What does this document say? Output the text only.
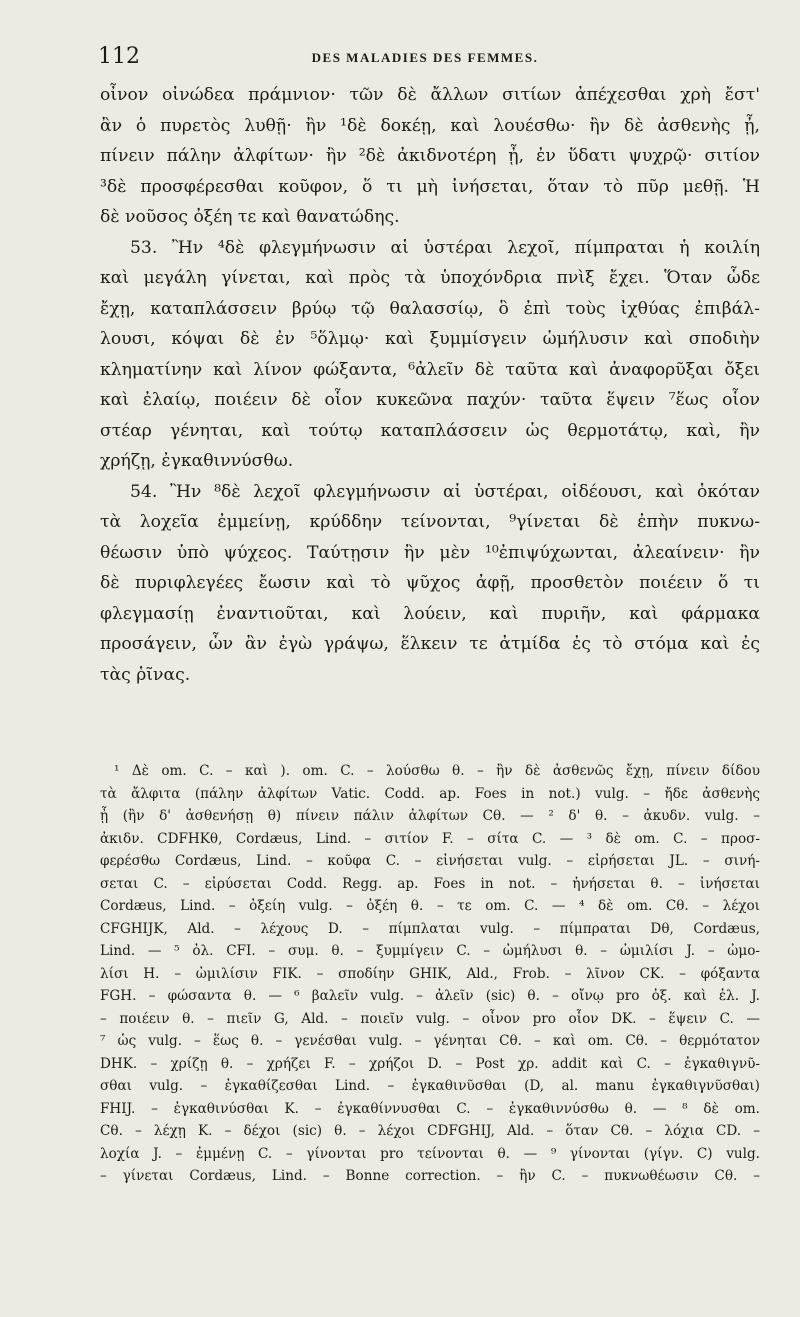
112	DES MALADIES DES FEMMES.
οἶνον οἰνώδεα πράμνιον· τῶν δὲ ἄλλων σιτίων ἀπέχεσθαι χρὴ ἔστ'
ἂν ὁ πυρετὸς λυθῇ· ἢν ¹δὲ δοκέῃ, καὶ λουέσθω· ἢν δὲ ἀσθενὴς ᾖ,
πίνειν πάλην ἀλφίτων· ἢν ²δὲ ἀκιδνοτέρη ᾖ, ἐν ὕδατι ψυχρῷ· σιτίον
³δὲ προσφέρεσθαι κοῦφον, ὅ τι μὴ ἰνήσεται, ὅταν τὸ πῦρ μεθῇ. Ἡ
δὲ νοῦσος ὀξέη τε καὶ θανατώδης.
53. Ἢν ⁴δὲ φλεγμήνωσιν αἱ ὑστέραι λεχοῖ, πίμπραται ἡ κοιλίη
καὶ μεγάλη γίνεται, καὶ πρὸς τὰ ὑποχόνδρια πνὶξ ἔχει. Ὅταν ὧδε
ἔχῃ, καταπλάσσειν βρύῳ τῷ θαλασσίῳ, ὃ ἐπὶ τοὺς ἰχθύας ἐπιβάλ-
λουσι, κόψαι δὲ ἐν ⁵ὅλμῳ· καὶ ξυμμίσγειν ὠμήλυσιν καὶ σποδιὴν
κληματίνην καὶ λίνον φώξαντα, ⁶ἀλεῖν δὲ ταῦτα καὶ ἀναφορῦξαι ὄξει
καὶ ἐλαίῳ, ποιέειν δὲ οἷον κυκεῶνα παχύν· ταῦτα ἕψειν ⁷ἕως οἷον
στέαρ γένηται, καὶ τούτῳ καταπλάσσειν ὡς θερμοτάτῳ, καὶ, ἢν
χρήζῃ, ἐγκαθιννύσθω.
54. Ἢν ⁸δὲ λεχοῖ φλεγμήνωσιν αἱ ὑστέραι, οἰδέουσι, καὶ ὁκόταν
τὰ λοχεῖα ἐμμείνῃ, κρύδδην τείνονται, ⁹γίνεται δὲ ἐπὴν πυκνω-
θέωσιν ὑπὸ ψύχεος. Ταύτῃσιν ἢν μὲν ¹⁰ἐπιψύχωνται, ἀλεαίνειν· ἢν
δὲ πυριφλεγέες ἔωσιν καὶ τὸ ψῦχος ἀφῇ, προσθετὸν ποιέειν ὅ τι
φλεγμασίῃ ἐναντιοῦται, καὶ λούειν, καὶ πυριῆν, καὶ φάρμακα
προσάγειν, ὧν ἂν ἐγὼ γράψω, ἕλκειν τε ἀτμίδα ἐς τὸ στόμα καὶ ἐς
τὰς ῥῖνας.
¹ Δὲ om. C. – καὶ ). om. C. – λούσθω θ. – ἢν δὲ ἀσθενῶς ἔχῃ, πίνειν δίδου
τὰ ἄλφιτα (πάλην ἀλφίτων Vatic. Codd. ap. Foes in not.) vulg. – ἤδε ἀσθενὴς
ᾖ (ἢν δ' ἀσθενήσῃ θ) πίνειν πάλιν ἀλφίτων Cθ. — ² δ' θ. – ἀκυδν. vulg. –
ἀκιδν. CDFHKθ, Cordæus, Lind. – σιτίον F. – σίτα C. — ³ δὲ om. C. – προσ-
φερέσθω Cordæus, Lind. – κοῦφα C. – εἰνήσεται vulg. – εἰρήσεται JL. – σινή-
σεται C. – εἰρύσεται Codd. Regg. ap. Foes in not. – ἠνήσεται θ. – ἰνήσεται
Cordæus, Lind. – ὀξείη vulg. – ὀξέη θ. – τε om. C. — ⁴ δὲ om. Cθ. – λέχοι
CFGHIJK, Ald. – λέχους D. – πίμπλαται vulg. – πίμπραται Dθ, Cordæus,
Lind. — ⁵ ὀλ. CFI. – συμ. θ. – ξυμμίγειν C. – ὠμήλυσι θ. – ὠμιλίσι J. – ὠμο-
λίσι H. – ὠμιλίσιν FIK. – σποδίην GHIK, Ald., Frob. – λῖνον CK. – φόξαντα
FGH. – φώσαντα θ. — ⁶ βαλεῖν vulg. – ἀλεῖν (sic) θ. – οἴνῳ pro ὀξ. καὶ ἐλ. J.
– ποιέειν θ. – πιεῖν G, Ald. – ποιεῖν vulg. – οἶνον pro οἷον DK. – ἕψειν C. —
⁷ ὡς vulg. – ἕως θ. – γενέσθαι vulg. – γένηται Cθ. – καὶ om. Cθ. – θερμότατον
DHK. – χρίζῃ θ. – χρήζει F. – χρήζοι D. – Post χρ. addit καὶ C. – ἐγκαθιγνῦ-
σθαι vulg. – ἐγκαθίζεσθαι Lind. – ἐγκαθινῦσθαι (D, al. manu ἐγκαθιγνῦσθαι)
FHIJ. – ἐγκαθινύσθαι K. – ἐγκαθίννυσθαι C. – ἐγκαθιννύσθω θ. — ⁸ δὲ om.
Cθ. – λέχῃ K. – δέχοι (sic) θ. – λέχοι CDFGHIJ, Ald. – ὅταν Cθ. – λόχια CD. –
λοχία J. – ἐμμένῃ C. – γίνονται pro τείνονται θ. — ⁹ γίνονται (γίγν. C) vulg.
– γίνεται Cordæus, Lind. – Bonne correction. – ἢν C. – πυκνωθέωσιν Cθ. –
